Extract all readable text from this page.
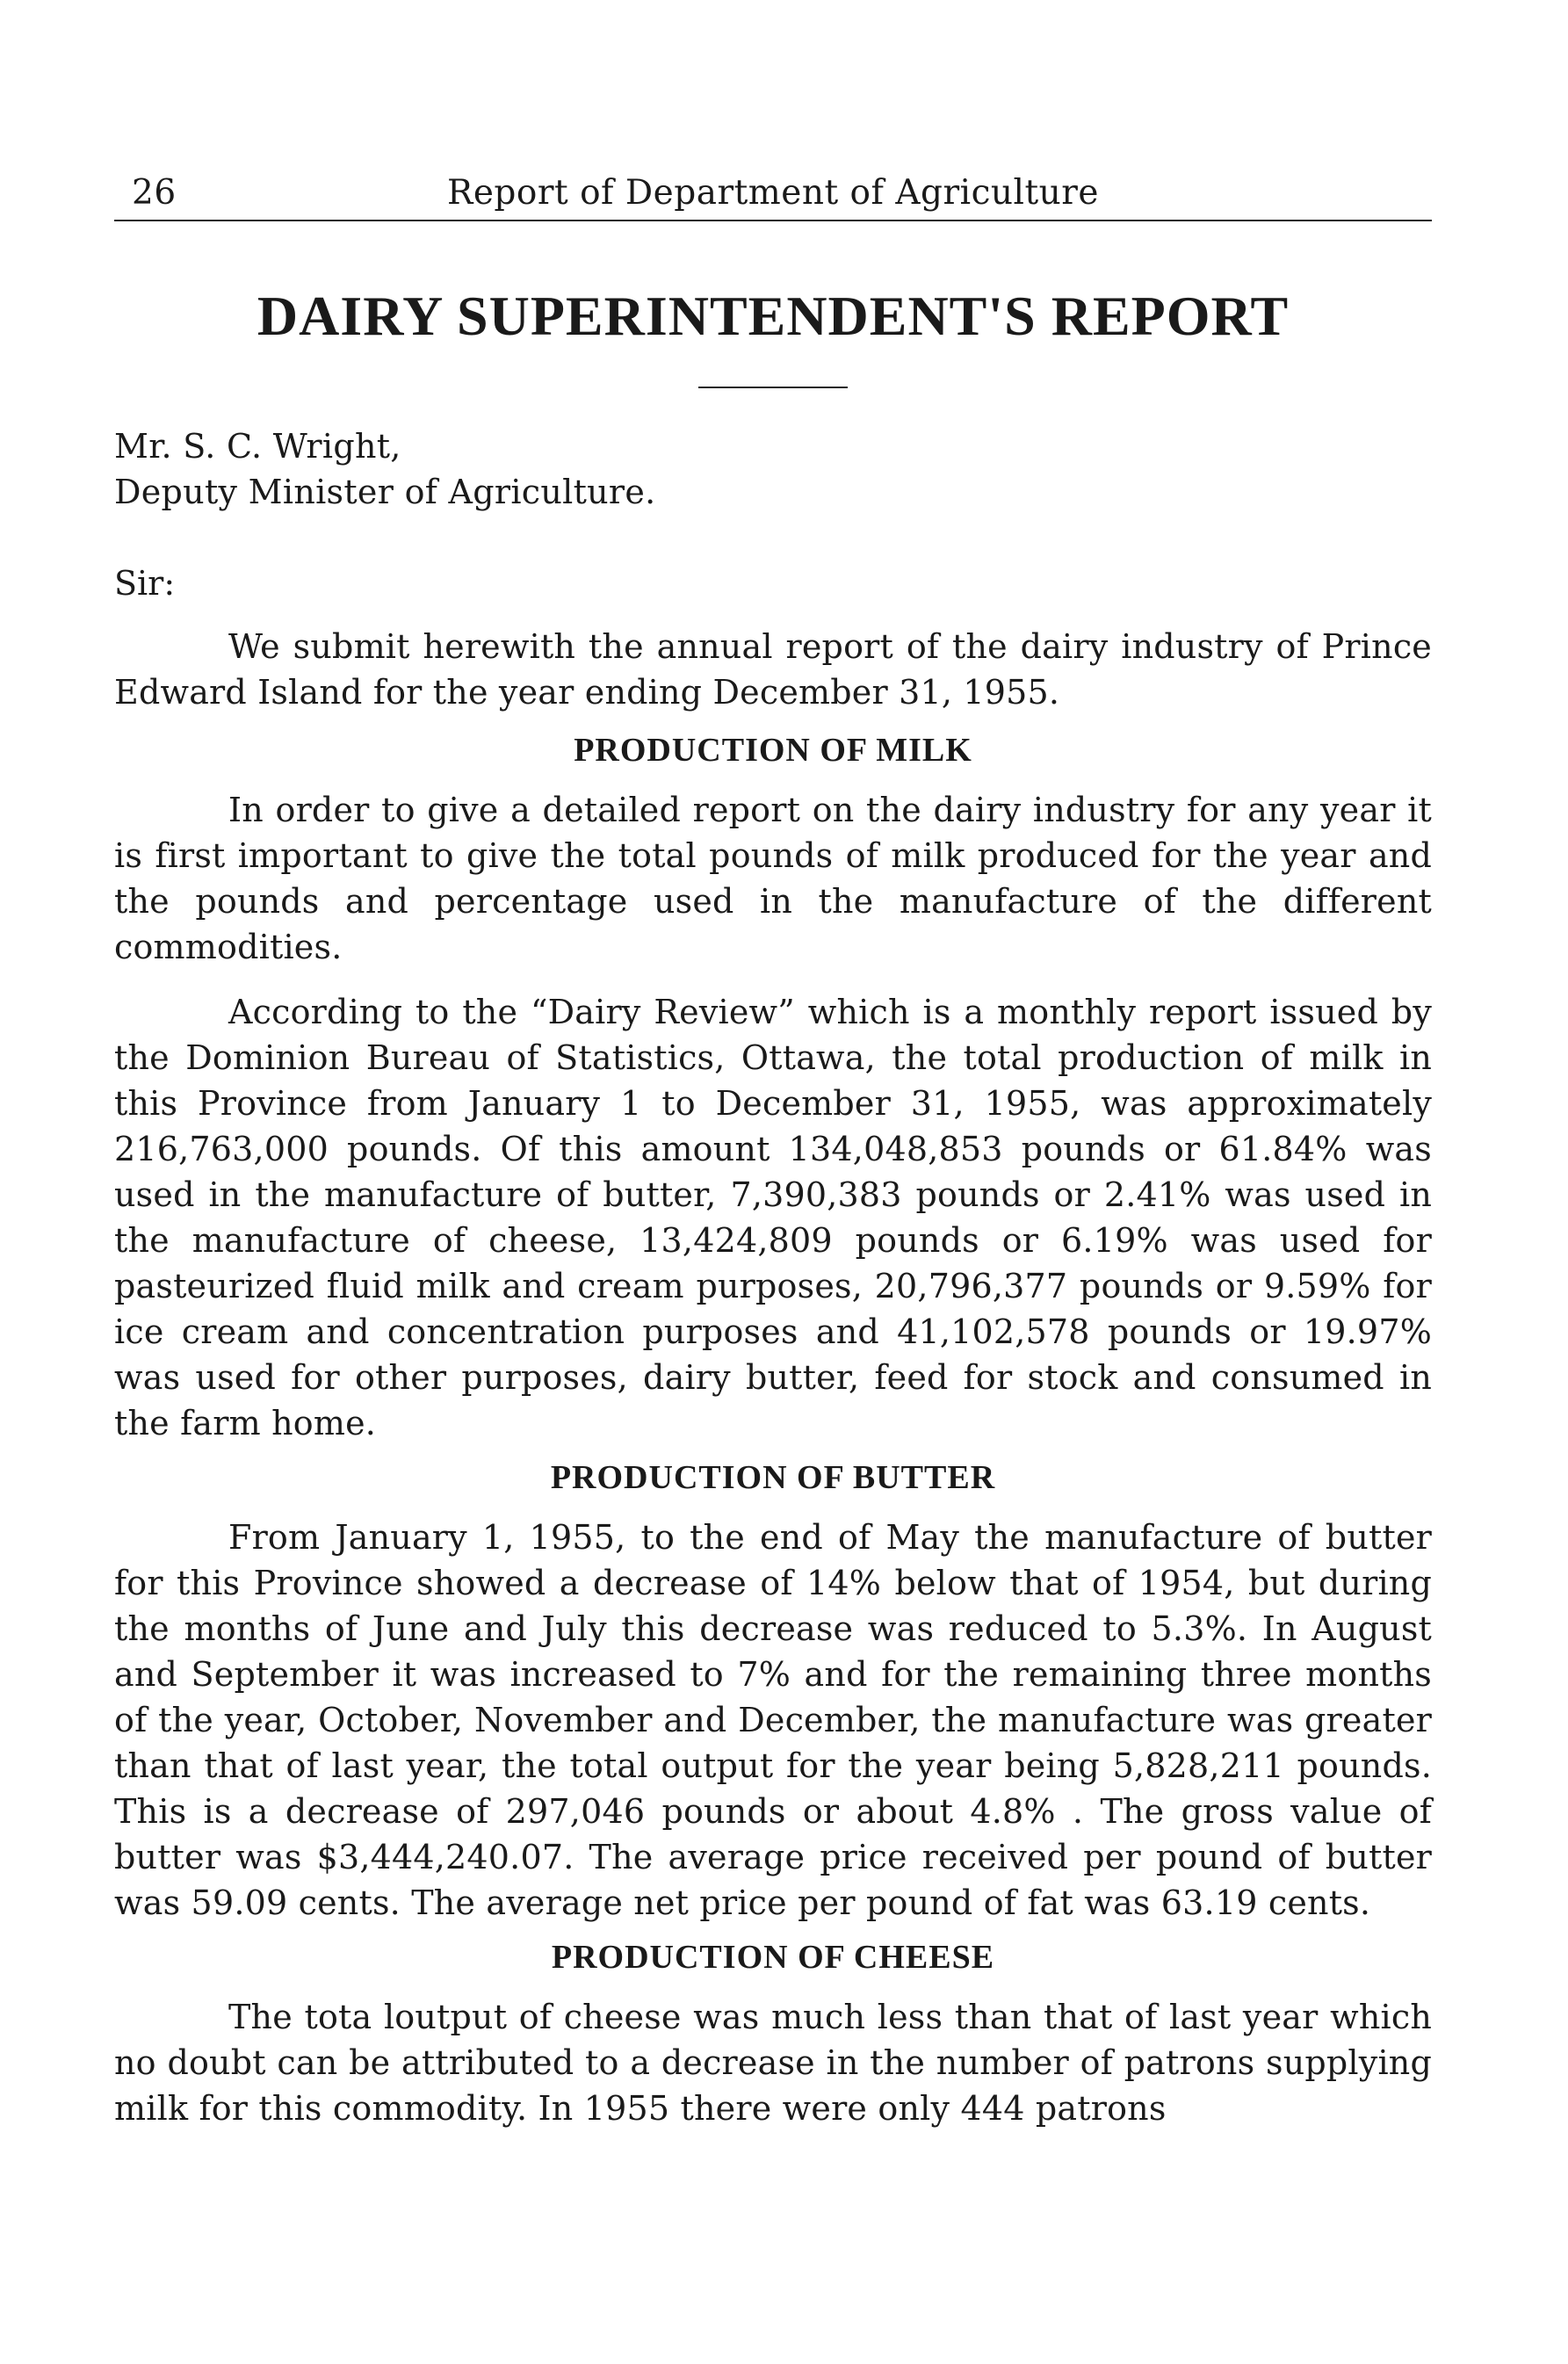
26	Report of Department of Agriculture
DAIRY SUPERINTENDENT'S REPORT
Mr. S. C. Wright,
Deputy Minister of Agriculture.
Sir:

We submit herewith the annual report of the dairy industry of Prince Edward Island for the year ending December 31, 1955.

PRODUCTION OF MILK

In order to give a detailed report on the dairy industry for any year it is first important to give the total pounds of milk produced for the year and the pounds and percentage used in the manufacture of the different commodities.

According to the “Dairy Review” which is a monthly report issued by the Dominion Bureau of Statistics, Ottawa, the total production of milk in this Province from January 1 to December 31, 1955, was approximately 216,763,000 pounds. Of this amount 134,048,853 pounds or 61.84% was used in the manufacture of butter, 7,390,383 pounds or 2.41% was used in the manufacture of cheese, 13,424,809 pounds or 6.19% was used for pasteurized fluid milk and cream purposes, 20,796,377 pounds or 9.59% for ice cream and concentration purposes and 41,102,578 pounds or 19.97% was used for other purposes, dairy butter, feed for stock and consumed in the farm home.

PRODUCTION OF BUTTER

From January 1, 1955, to the end of May the manufacture of butter for this Province showed a decrease of 14% below that of 1954, but during the months of June and July this decrease was reduced to 5.3%. In August and September it was increased to 7% and for the remaining three months of the year, October, November and December, the manufacture was greater than that of last year, the total output for the year being 5,828,211 pounds. This is a decrease of 297,046 pounds or about 4.8% . The gross value of butter was $3,444,240.07. The average price received per pound of butter was 59.09 cents. The average net price per pound of fat was 63.19 cents.

PRODUCTION OF CHEESE

The tota loutput of cheese was much less than that of last year which no doubt can be attributed to a decrease in the number of patrons supplying milk for this commodity. In 1955 there were only 444 patrons
